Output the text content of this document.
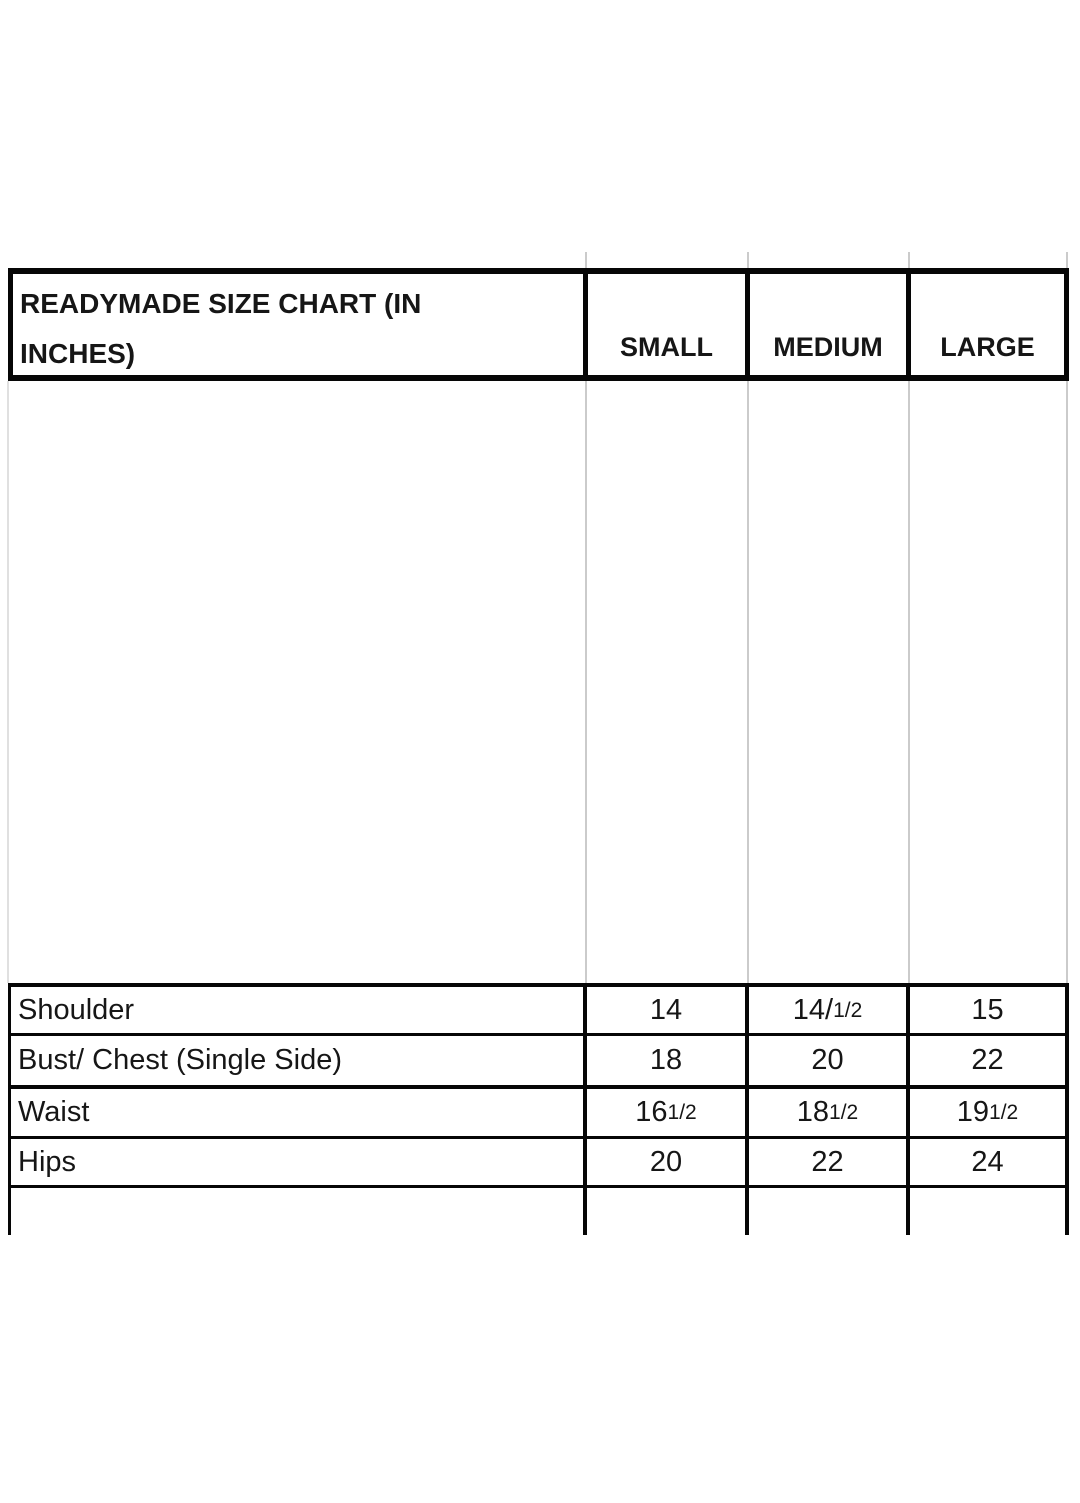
READYMADE SIZE CHART (IN
INCHES)	SMALL	MEDIUM	LARGE
Shoulder	14	14/ 1/2	15
Bust/ Chest (Single Side)	18	20	22
Waist	16 1/2	18 1/2	19 1/2
Hips	20	22	24
